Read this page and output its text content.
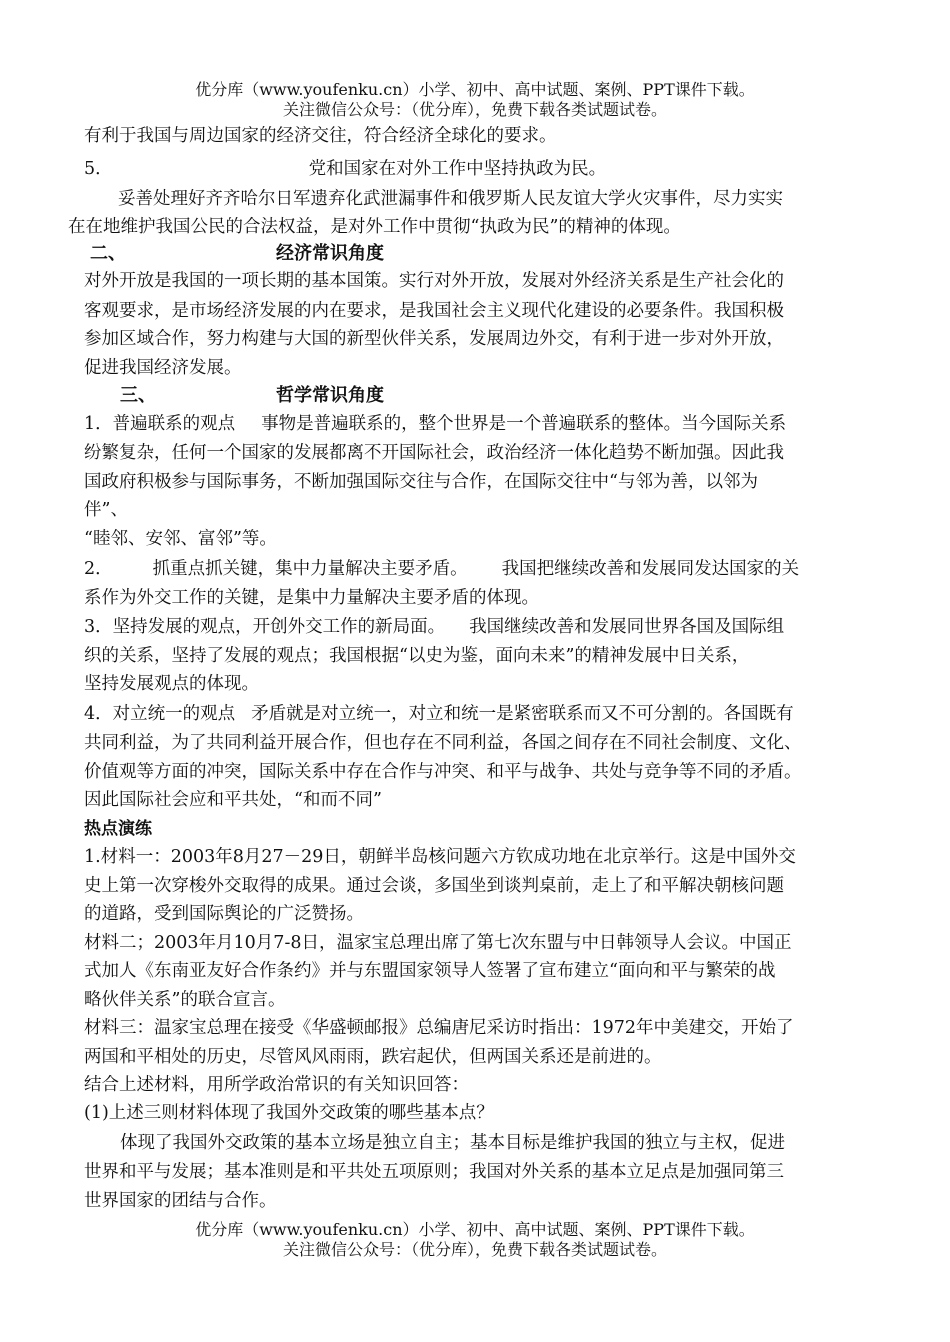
优分库（www.youfenku.cn）小学、初中、高中试题、案例、PPT课件下载。
关注微信公众号：（优分库），免费下载各类试题试卷。
有利于我国与周边国家的经济交往，符合经济全球化的要求。
5．	党和国家在对外工作中坚持执政为民。
妥善处理好齐齐哈尔日军遗弃化武泄漏事件和俄罗斯人民友谊大学火灾事件，尽力实实
在在地维护我国公民的合法权益，是对外工作中贯彻“执政为民”的精神的体现。
二、	经济常识角度
对外开放是我国的一项长期的基本国策。实行对外开放，发展对外经济关系是生产社会化的
客观要求，是市场经济发展的内在要求，是我国社会主义现代化建设的必要条件。我国积极
参加区域合作，努力构建与大国的新型伙伴关系，发展周边外交，有利于进一步对外开放，
促进我国经济发展。
三、	哲学常识角度
1．普遍联系的观点 事物是普遍联系的，整个世界是一个普遍联系的整体。当今国际关系
纷繁复杂，任何一个国家的发展都离不开国际社会，政治经济一体化趋势不断加强。因此我
国政府积极参与国际事务，不断加强国际交往与合作，在国际交往中“与邻为善，以邻为
伴”、
“睦邻、安邻、富邻”等。
2． 抓重点抓关键，集中力量解决主要矛盾。 我国把继续改善和发展同发达国家的关
系作为外交工作的关键，是集中力量解决主要矛盾的体现。
3．坚持发展的观点，开创外交工作的新局面。 我国继续改善和发展同世界各国及国际组
织的关系，坚持了发展的观点；我国根据“以史为鉴，面向未来”的精神发展中日关系，
坚持发展观点的体现。
4．对立统一的观点 矛盾就是对立统一，对立和统一是紧密联系而又不可分割的。各国既有
共同利益，为了共同利益开展合作，但也存在不同利益，各国之间存在不同社会制度、文化、
价值观等方面的冲突，国际关系中存在合作与冲突、和平与战争、共处与竞争等不同的矛盾。
因此国际社会应和平共处，“和而不同”
热点演练
1.材料一：2003年8月27－29日，朝鲜半岛核问题六方钦成功地在北京举行。这是中国外交
史上第一次穿梭外交取得的成果。通过会谈，多国坐到谈判桌前，走上了和平解决朝核问题
的道路，受到国际舆论的广泛赞扬。
材料二；2003年月10月7-8日，温家宝总理出席了第七次东盟与中日韩领导人会议。中国正
式加人《东南亚友好合作条约》并与东盟国家领导人签署了宣布建立“面向和平与繁荣的战
略伙伴关系”的联合宣言。
材料三：温家宝总理在接受《华盛顿邮报》总编唐尼采访时指出：1972年中美建交，开始了
两国和平相处的历史，尽管风风雨雨，跌宕起伏，但两国关系还是前进的。
结合上述材料，用所学政治常识的有关知识回答：
(1)上述三则材料体现了我国外交政策的哪些基本点？
体现了我国外交政策的基本立场是独立自主；基本目标是维护我国的独立与主权，促进
世界和平与发展；基本准则是和平共处五项原则；我国对外关系的基本立足点是加强同第三
世界国家的团结与合作。
优分库（www.youfenku.cn）小学、初中、高中试题、案例、PPT课件下载。
关注微信公众号：（优分库），免费下载各类试题试卷。
